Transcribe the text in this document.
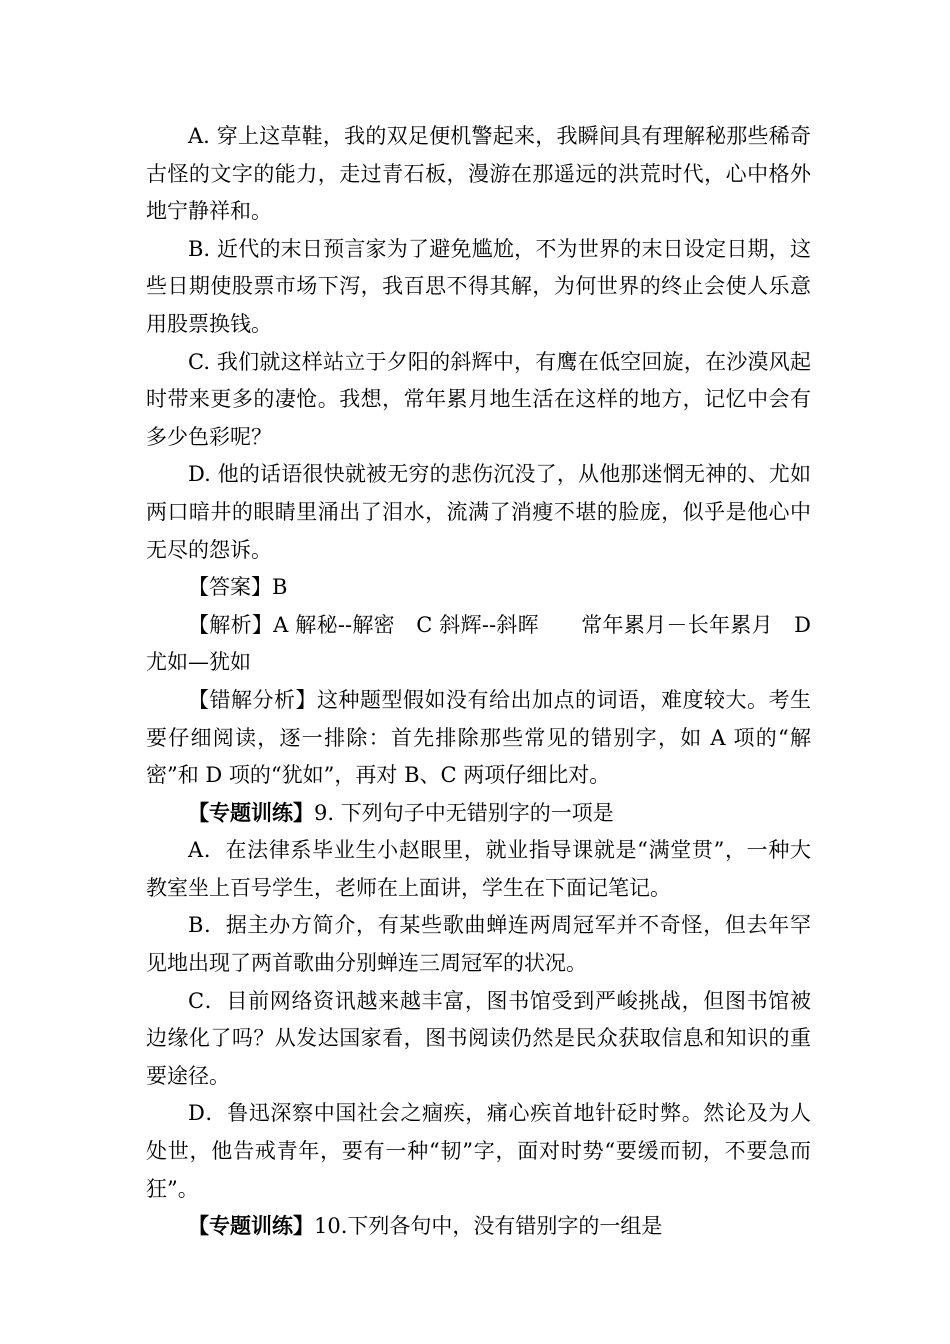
A. 穿上这草鞋，我的双足便机警起来，我瞬间具有理解秘那些稀奇古怪的文字的能力，走过青石板，漫游在那遥远的洪荒时代，心中格外地宁静祥和。

B. 近代的末日预言家为了避免尴尬，不为世界的末日设定日期，这些日期使股票市场下泻，我百思不得其解，为何世界的终止会使人乐意用股票换钱。

C. 我们就这样站立于夕阳的斜辉中，有鹰在低空回旋，在沙漠风起时带来更多的凄怆。我想，常年累月地生活在这样的地方，记忆中会有多少色彩呢？

D. 他的话语很快就被无穷的悲伤沉没了，从他那迷惘无神的、尤如两口暗井的眼睛里涌出了泪水，流满了消瘦不堪的脸庞，似乎是他心中无尽的怨诉。

【答案】B

【解析】A 解秘--解密　C 斜辉--斜晖 常年累月－长年累月　D 尤如—犹如

【错解分析】这种题型假如没有给出加点的词语，难度较大。考生要仔细阅读，逐一排除：首先排除那些常见的错别字，如 A 项的“解密”和 D 项的“犹如”，再对 B、C 两项仔细比对。

【专题训练】9. 下列句子中无错别字的一项是

A．在法律系毕业生小赵眼里，就业指导课就是“满堂贯”，一种大教室坐上百号学生，老师在上面讲，学生在下面记笔记。

B．据主办方简介，有某些歌曲蝉连两周冠军并不奇怪，但去年罕见地出现了两首歌曲分别蝉连三周冠军的状况。

C．目前网络资讯越来越丰富，图书馆受到严峻挑战，但图书馆被边缘化了吗？从发达国家看，图书阅读仍然是民众获取信息和知识的重要途径。

D．鲁迅深察中国社会之痼疾，痛心疾首地针砭时弊。然论及为人处世，他告戒青年，要有一种“韧”字，面对时势“要缓而韧，不要急而狂”。

【专题训练】10.下列各句中，没有错别字的一组是
